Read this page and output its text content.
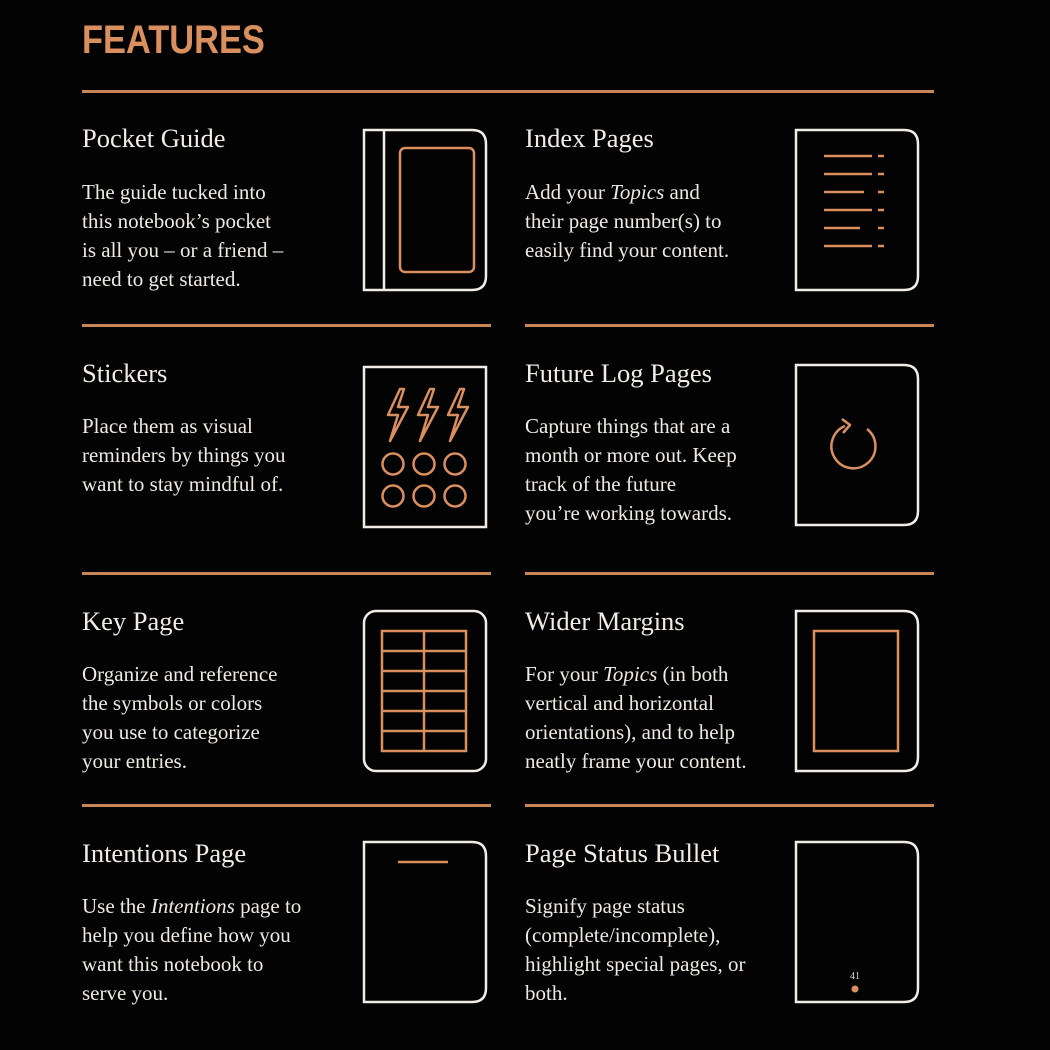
FEATURES
Pocket Guide
The guide tucked into
this notebook’s pocket
is all you – or a friend –
need to get started.
Index Pages
Add your Topics and
their page number(s) to
easily find your content.
Stickers
Place them as visual
reminders by things you
want to stay mindful of.
Future Log Pages
Capture things that are a
month or more out. Keep
track of the future
you’re working towards.
Key Page
Organize and reference
the symbols or colors
you use to categorize
your entries.
Wider Margins
For your Topics (in both
vertical and horizontal
orientations), and to help
neatly frame your content.
Intentions Page
Use the Intentions page to
help you define how you
want this notebook to
serve you.
Page Status Bullet
Signify page status
(complete/incomplete),
highlight special pages, or
both.
41
